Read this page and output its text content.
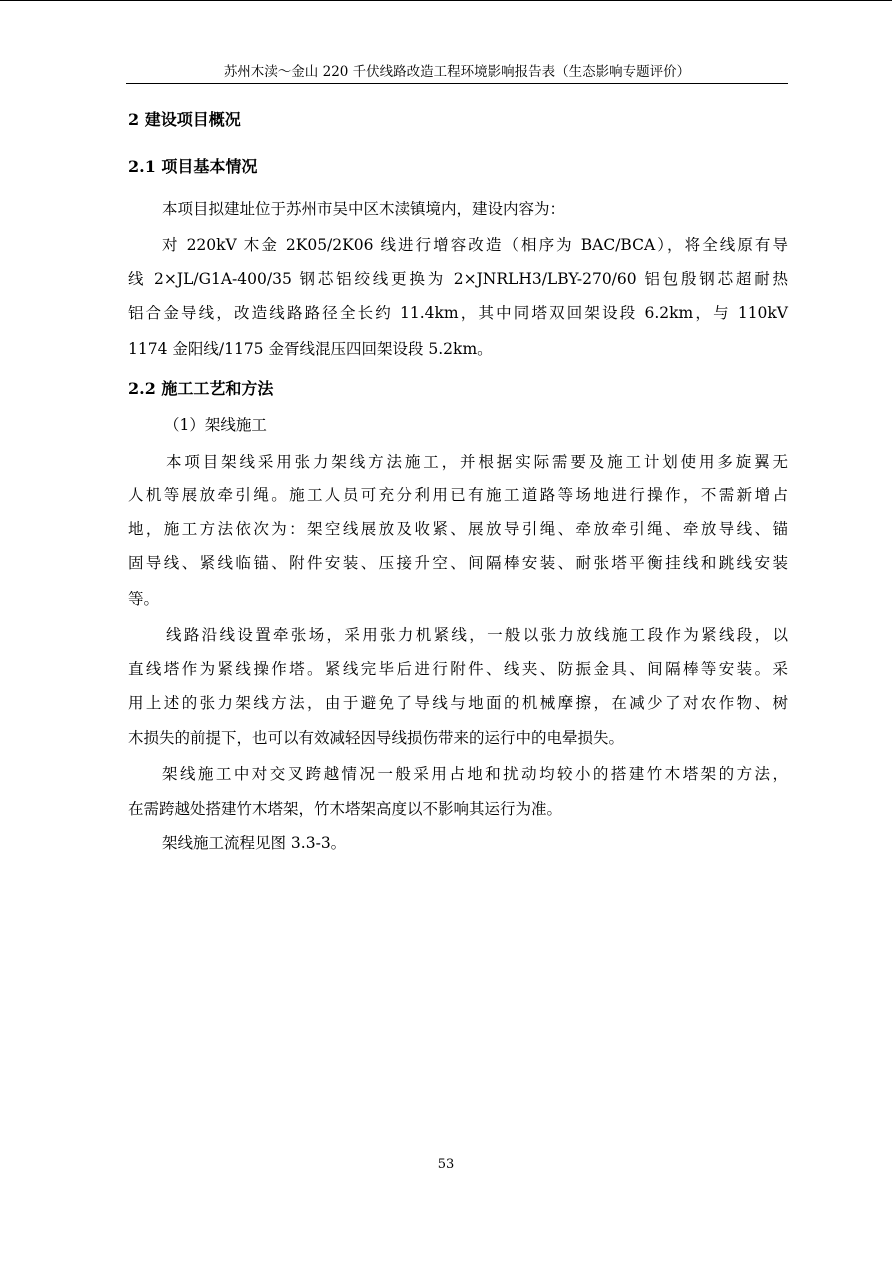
苏州木渎～金山 220 千伏线路改造工程环境影响报告表（生态影响专题评价）
2 建设项目概况
2.1 项目基本情况
本项目拟建址位于苏州市吴中区木渎镇境内，建设内容为：
对 220kV 木金 2K05/2K06 线进行增容改造（相序为 BAC/BCA），将全线原有导
线 2×JL/G1A-400/35 钢芯铝绞线更换为 2×JNRLH3/LBY-270/60 铝包殷钢芯超耐热
铝合金导线，改造线路路径全长约 11.4km，其中同塔双回架设段 6.2km，与 110kV
1174 金阳线/1175 金胥线混压四回架设段 5.2km。
2.2 施工工艺和方法
（1）架线施工
本项目架线采用张力架线方法施工，并根据实际需要及施工计划使用多旋翼无
人机等展放牵引绳。施工人员可充分利用已有施工道路等场地进行操作，不需新增占
地，施工方法依次为：架空线展放及收紧、展放导引绳、牵放牵引绳、牵放导线、锚
固导线、紧线临锚、附件安装、压接升空、间隔棒安装、耐张塔平衡挂线和跳线安装
等。
线路沿线设置牵张场，采用张力机紧线，一般以张力放线施工段作为紧线段，以
直线塔作为紧线操作塔。紧线完毕后进行附件、线夹、防振金具、间隔棒等安装。采
用上述的张力架线方法，由于避免了导线与地面的机械摩擦，在减少了对农作物、树
木损失的前提下，也可以有效减轻因导线损伤带来的运行中的电晕损失。
架线施工中对交叉跨越情况一般采用占地和扰动均较小的搭建竹木塔架的方法，
在需跨越处搭建竹木塔架，竹木塔架高度以不影响其运行为准。
架线施工流程见图 3.3-3。
53
